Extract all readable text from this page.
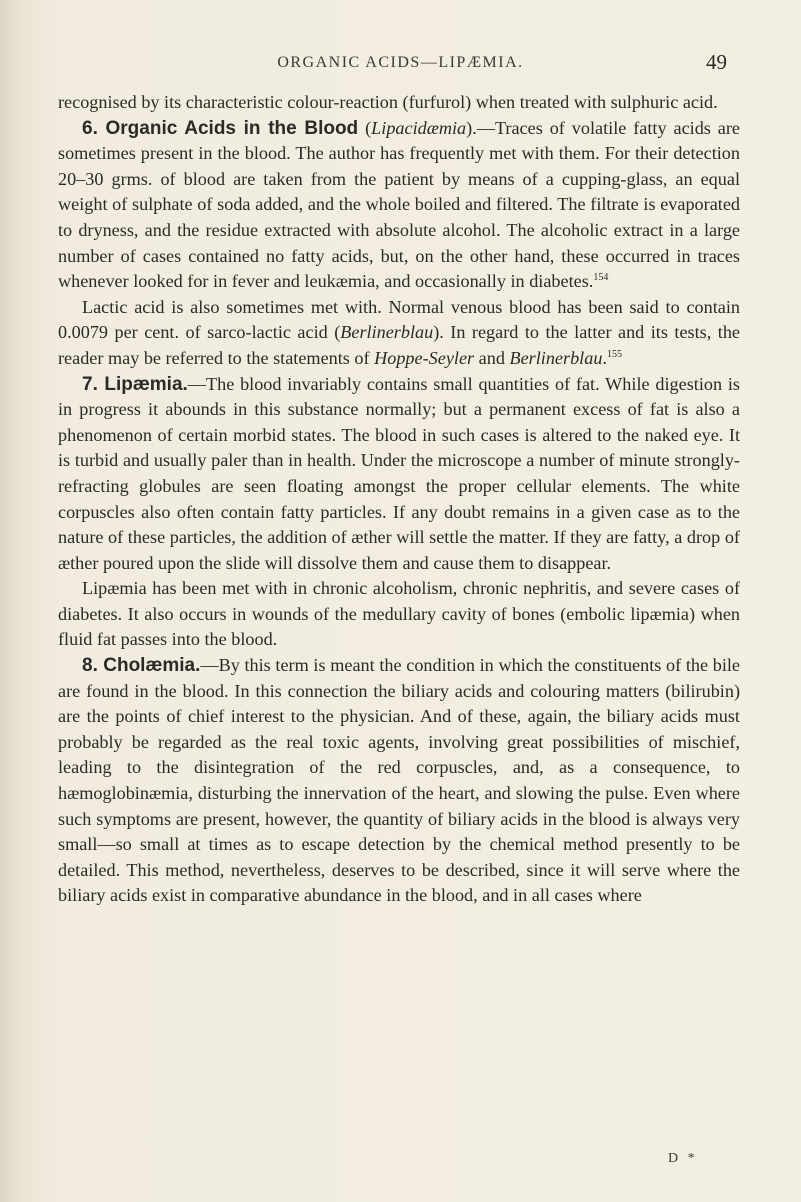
ORGANIC ACIDS—LIPÆMIA.	49

recognised by its characteristic colour-reaction (furfurol) when treated with sulphuric acid.

6. Organic Acids in the Blood (Lipacidæmia).—Traces of volatile fatty acids are sometimes present in the blood. The author has frequently met with them. For their detection 20–30 grms. of blood are taken from the patient by means of a cupping-glass, an equal weight of sulphate of soda added, and the whole boiled and filtered. The filtrate is evaporated to dryness, and the residue extracted with absolute alcohol. The alcoholic extract in a large number of cases contained no fatty acids, but, on the other hand, these occurred in traces whenever looked for in fever and leukæmia, and occasionally in diabetes.$^{154}$

Lactic acid is also sometimes met with. Normal venous blood has been said to contain 0.0079 per cent. of sarco-lactic acid (Berlinerblau). In regard to the latter and its tests, the reader may be referred to the statements of Hoppe-Seyler and Berlinerblau.$^{155}$

7. Lipæmia.—The blood invariably contains small quantities of fat. While digestion is in progress it abounds in this substance normally; but a permanent excess of fat is also a phenomenon of certain morbid states. The blood in such cases is altered to the naked eye. It is turbid and usually paler than in health. Under the microscope a number of minute strongly-refracting globules are seen floating amongst the proper cellular elements. The white corpuscles also often contain fatty particles. If any doubt remains in a given case as to the nature of these particles, the addition of æther will settle the matter. If they are fatty, a drop of æther poured upon the slide will dissolve them and cause them to disappear.

Lipæmia has been met with in chronic alcoholism, chronic nephritis, and severe cases of diabetes. It also occurs in wounds of the medullary cavity of bones (embolic lipæmia) when fluid fat passes into the blood.

8. Cholæmia.—By this term is meant the condition in which the constituents of the bile are found in the blood. In this connection the biliary acids and colouring matters (bilirubin) are the points of chief interest to the physician. And of these, again, the biliary acids must probably be regarded as the real toxic agents, involving great possibilities of mischief, leading to the disintegration of the red corpuscles, and, as a consequence, to hæmoglobinæmia, disturbing the innervation of the heart, and slowing the pulse. Even where such symptoms are present, however, the quantity of biliary acids in the blood is always very small—so small at times as to escape detection by the chemical method presently to be detailed. This method, nevertheless, deserves to be described, since it will serve where the biliary acids exist in comparative abundance in the blood, and in all cases where

D *
